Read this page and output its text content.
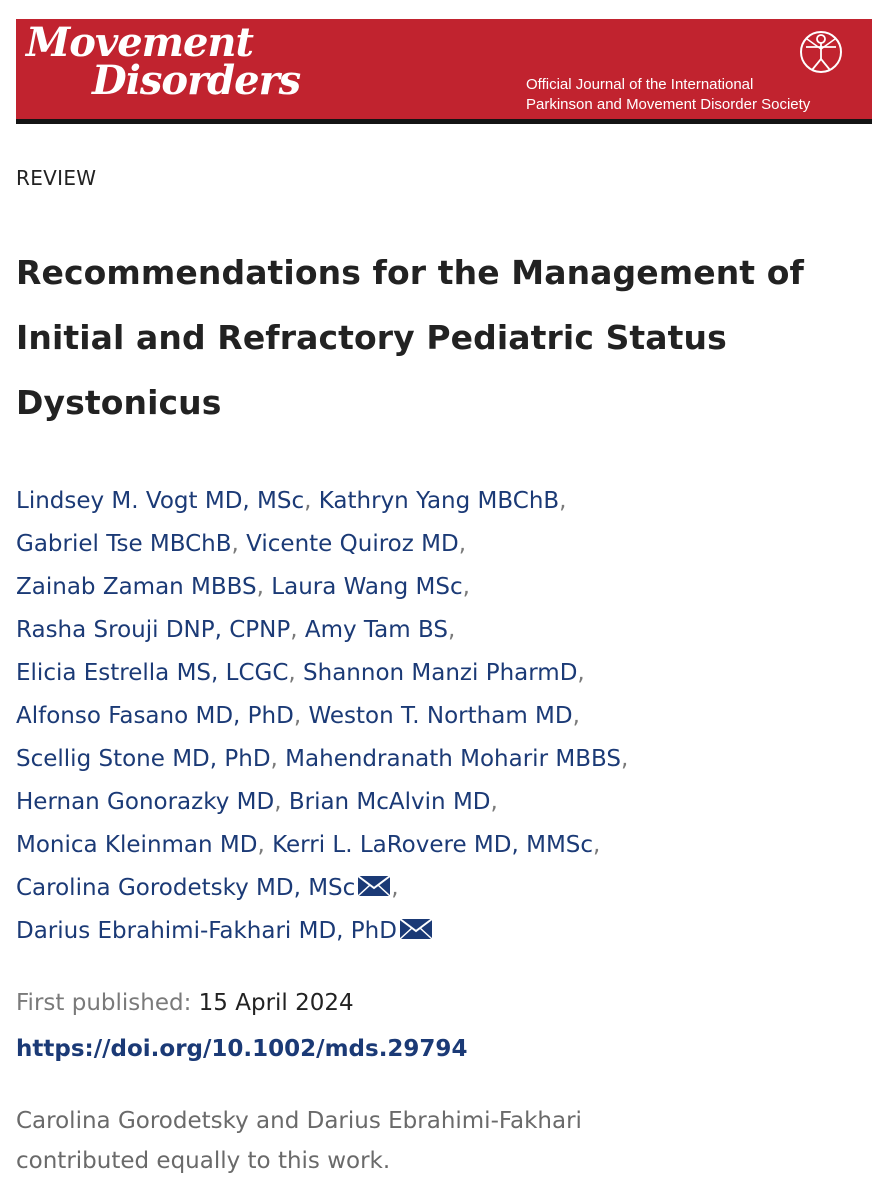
Movement
Disorders	Official Journal of the International
Parkinson and Movement Disorder Society
REVIEW
Recommendations for the Management of
Initial and Refractory Pediatric Status
Dystonicus
Lindsey M. Vogt MD, MSc, Kathryn Yang MBChB,
Gabriel Tse MBChB, Vicente Quiroz MD,
Zainab Zaman MBBS, Laura Wang MSc,
Rasha Srouji DNP, CPNP, Amy Tam BS,
Elicia Estrella MS, LCGC, Shannon Manzi PharmD,
Alfonso Fasano MD, PhD, Weston T. Northam MD,
Scellig Stone MD, PhD, Mahendranath Moharir MBBS,
Hernan Gonorazky MD, Brian McAlvin MD,
Monica Kleinman MD, Kerri L. LaRovere MD, MMSc,
Carolina Gorodetsky MD, MSc ,
Darius Ebrahimi-Fakhari MD, PhD
First published: 15 April 2024
https://doi.org/10.1002/mds.29794

Carolina Gorodetsky and Darius Ebrahimi-Fakhari
contributed equally to this work.
